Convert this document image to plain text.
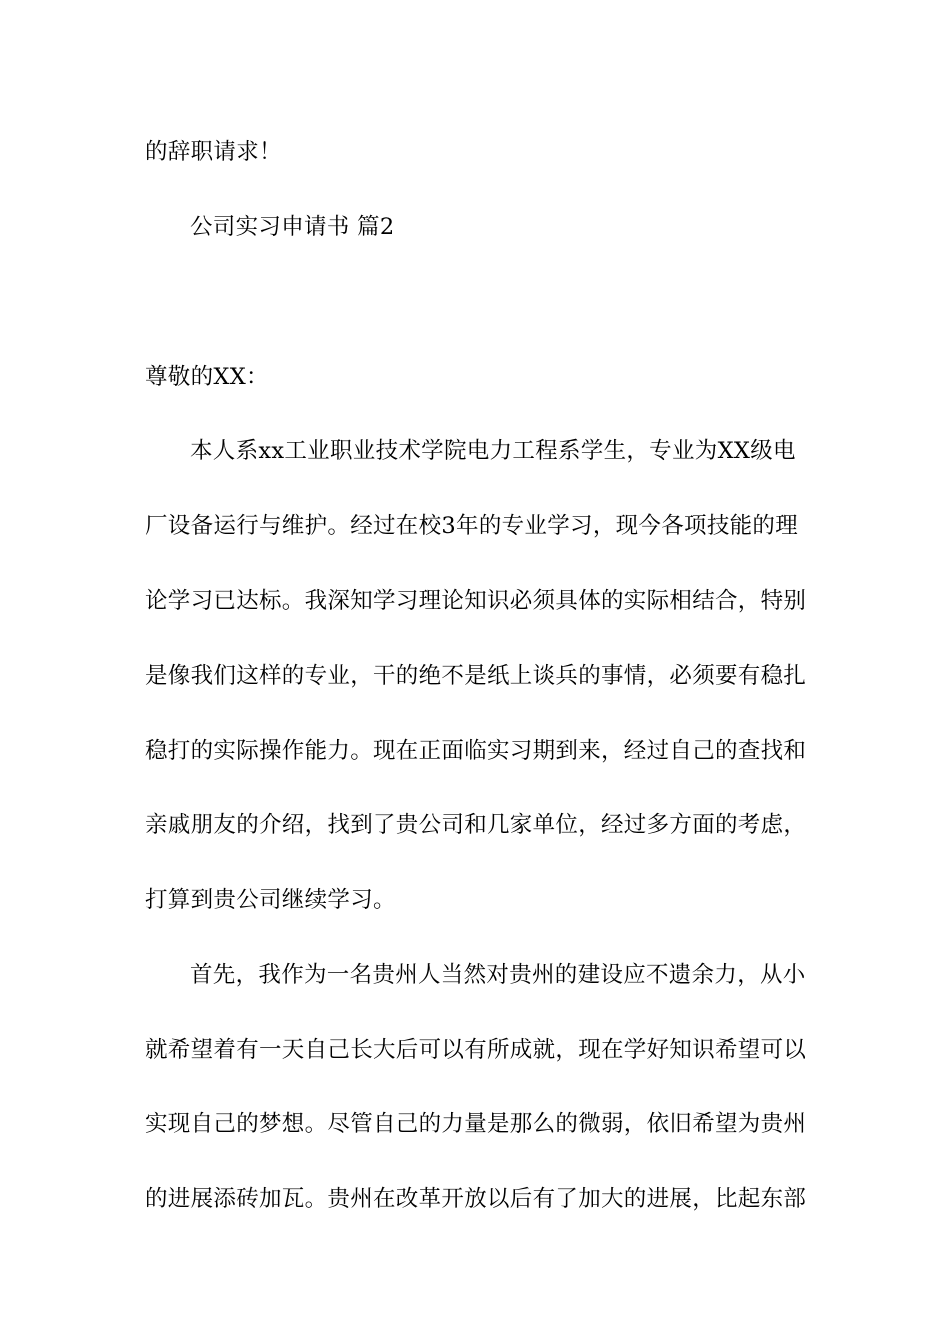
的辞职请求！
公司实习申请书 篇2
尊敬的XX：
本人系xx工业职业技术学院电力工程系学生，专业为XX级电
厂设备运行与维护。经过在校3年的专业学习，现今各项技能的理
论学习已达标。我深知学习理论知识必须具体的实际相结合，特别
是像我们这样的专业，干的绝不是纸上谈兵的事情，必须要有稳扎
稳打的实际操作能力。现在正面临实习期到来，经过自己的查找和
亲戚朋友的介绍，找到了贵公司和几家单位，经过多方面的考虑，
打算到贵公司继续学习。
首先，我作为一名贵州人当然对贵州的建设应不遗余力，从小
就希望着有一天自己长大后可以有所成就，现在学好知识希望可以
实现自己的梦想。尽管自己的力量是那么的微弱，依旧希望为贵州
的进展添砖加瓦。贵州在改革开放以后有了加大的进展，比起东部
